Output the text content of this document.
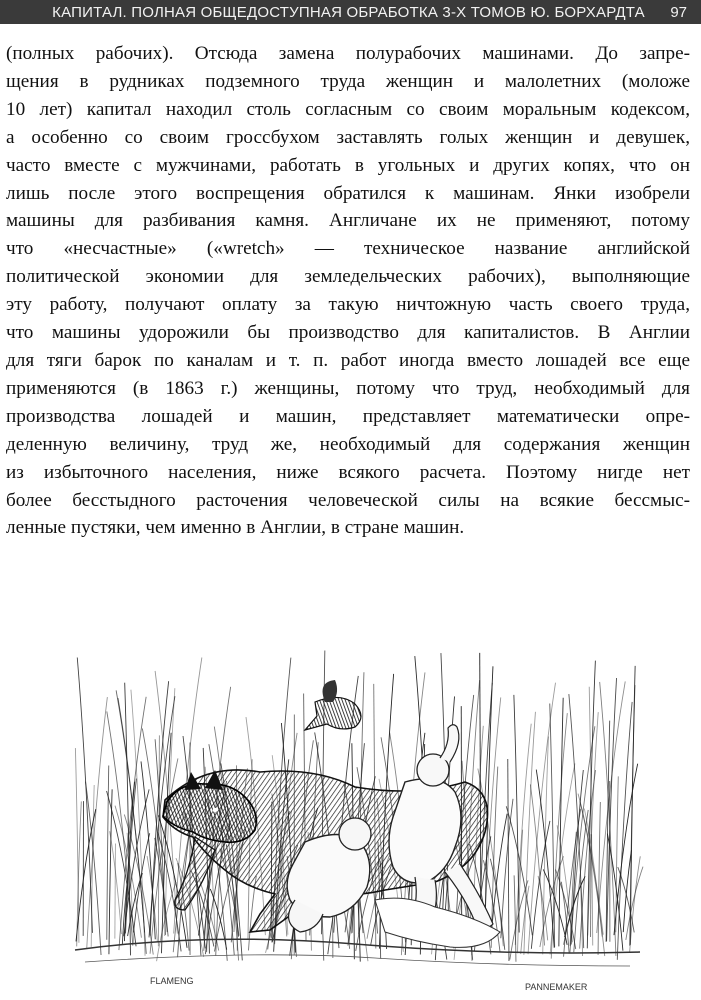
КАПИТАЛ. ПОЛНАЯ ОБЩЕДОСТУПНАЯ ОБРАБОТКА 3-Х ТОМОВ Ю. БОРХАРДТА	97
(полных рабочих). Отсюда замена полурабочих машинами. До запре-
щения в рудниках подземного труда женщин и малолетних (моложе
10 лет) капитал находил столь согласным со своим моральным кодексом,
а особенно со своим гроссбухом заставлять голых женщин и девушек,
часто вместе с мужчинами, работать в угольных и других копях, что он
лишь после этого воспрещения обратился к машинам. Янки изобрели
машины для разбивания камня. Англичане их не применяют, потому
что «несчастные» («wretch» — техническое название английской
политической экономии для земледельческих рабочих), выполняющие
эту работу, получают оплату за такую ничтожную часть своего труда,
что машины удорожили бы производство для капиталистов. В Англии
для тяги барок по каналам и т. п. работ иногда вместо лошадей все еще
применяются (в 1863 г.) женщины, потому что труд, необходимый для
производства лошадей и машин, представляет математически опре-
деленную величину, труд же, необходимый для содержания женщин
из избыточного населения, ниже всякого расчета. Поэтому нигде нет
более бесстыдного расточения человеческой силы на всякие бессмыс-
ленные пустяки, чем именно в Англии, в стране машин.
FLAMENG
PANNEMAKER
